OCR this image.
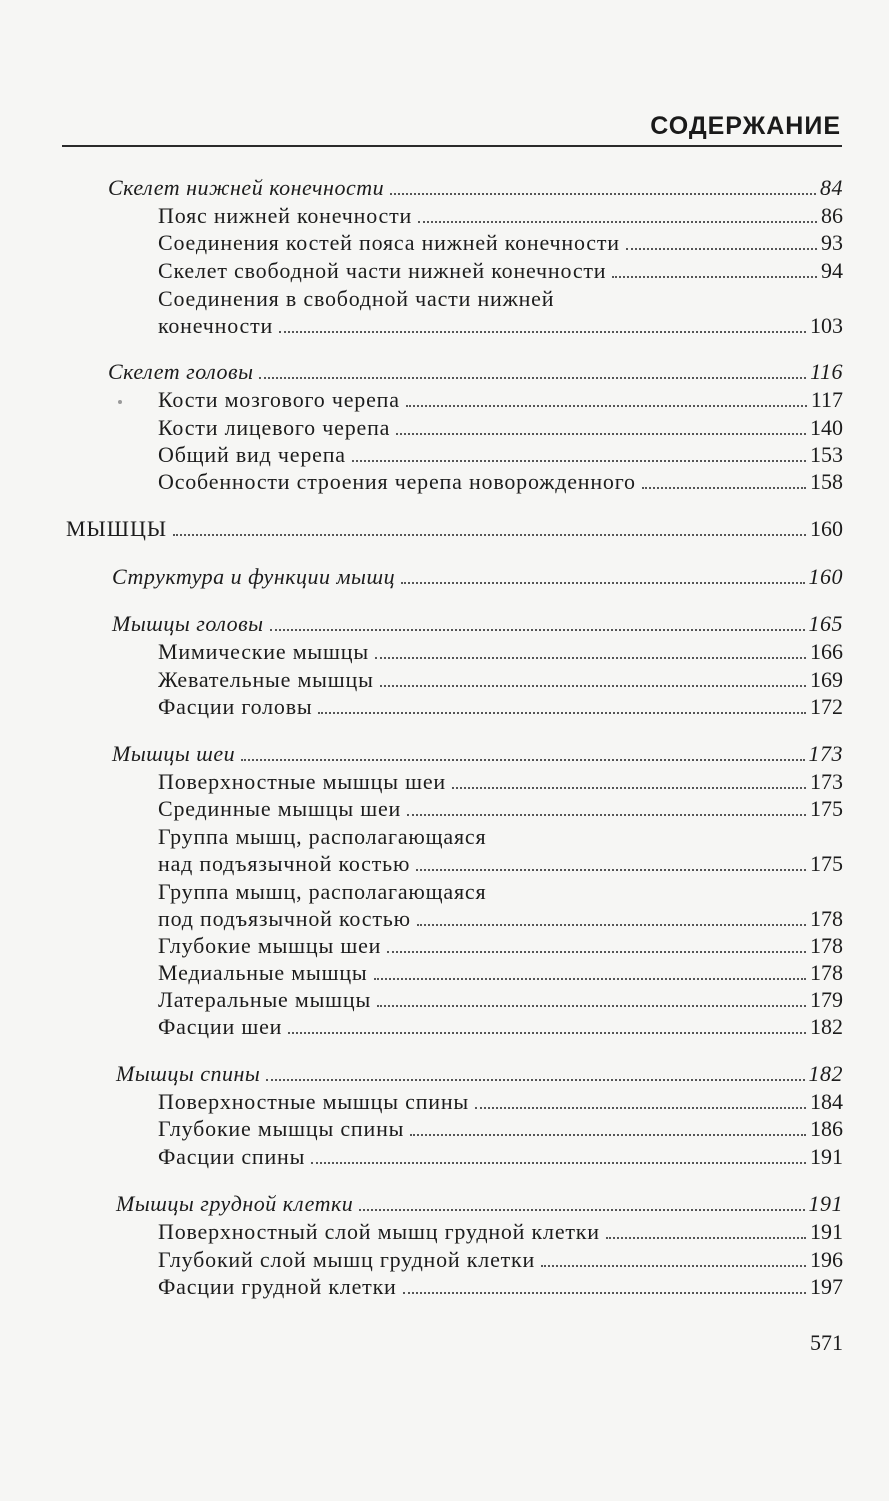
СОДЕРЖАНИЕ
Скелет нижней конечности	84
Пояс нижней конечности	86
Соединения костей пояса нижней конечности	93
Скелет свободной части нижней конечности	94
Соединения в свободной части нижней
конечности	103
Скелет головы	116
Кости мозгового черепа	117
Кости лицевого черепа	140
Общий вид черепа	153
Особенности строения черепа новорожденного	158
МЫШЦЫ	160
Структура и функции мышц	160
Мышцы головы	165
Мимические мышцы	166
Жевательные мышцы	169
Фасции головы	172
Мышцы шеи	173
Поверхностные мышцы шеи	173
Срединные мышцы шеи	175
Группа мышц, располагающаяся
над подъязычной костью	175
Группа мышц, располагающаяся
под подъязычной костью	178
Глубокие мышцы шеи	178
Медиальные мышцы	178
Латеральные мышцы	179
Фасции шеи	182
Мышцы спины	182
Поверхностные мышцы спины	184
Глубокие мышцы спины	186
Фасции спины	191
Мышцы грудной клетки	191
Поверхностный слой мышц грудной клетки	191
Глубокий слой мышц грудной клетки	196
Фасции грудной клетки	197
571
